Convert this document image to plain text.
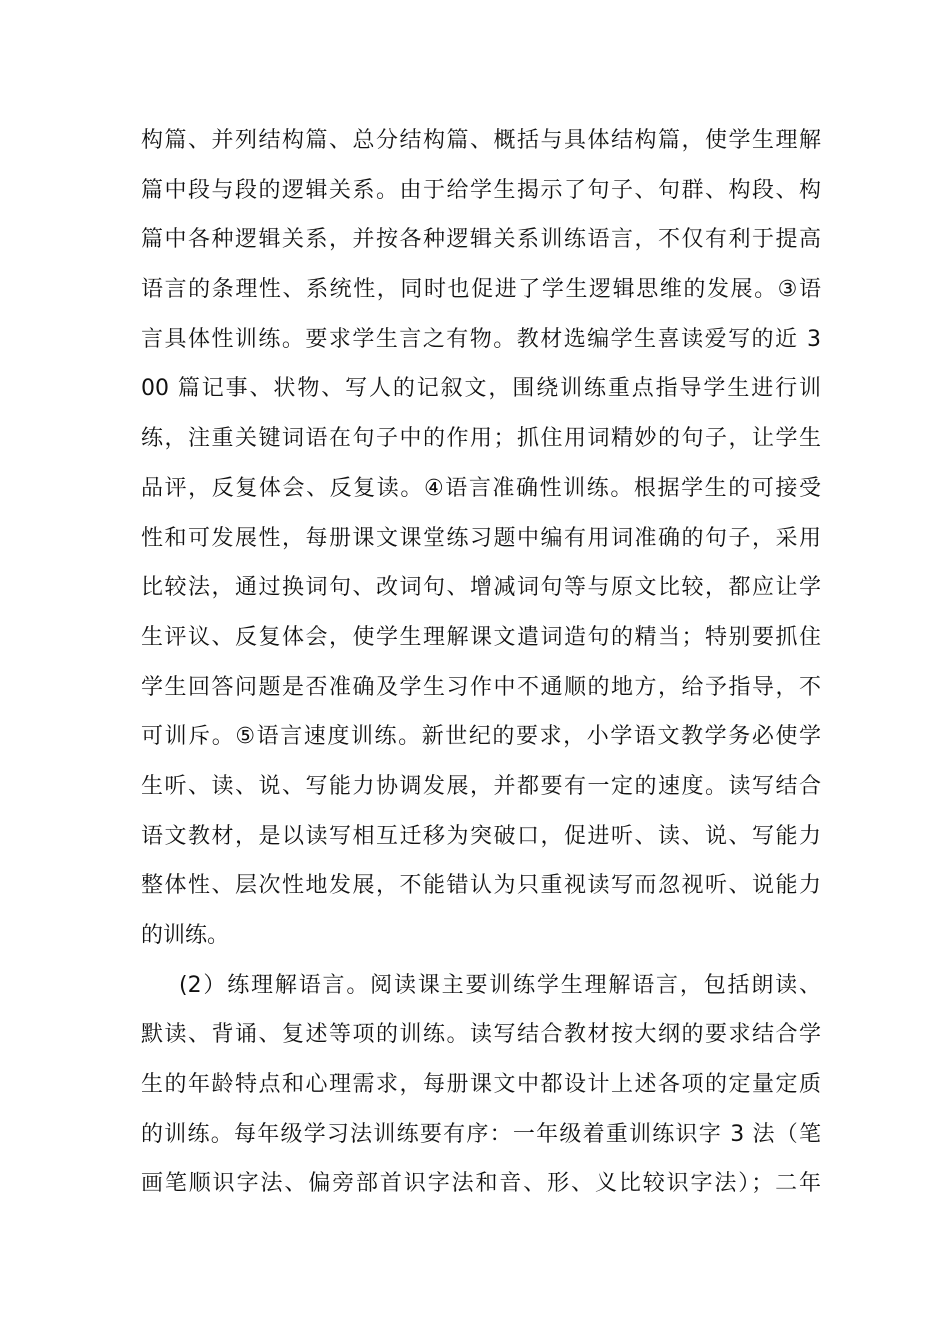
构篇、并列结构篇、总分结构篇、概括与具体结构篇，使学生理解
篇中段与段的逻辑关系。由于给学生揭示了句子、句群、构段、构
篇中各种逻辑关系，并按各种逻辑关系训练语言，不仅有利于提高
语言的条理性、系统性，同时也促进了学生逻辑思维的发展。③语
言具体性训练。要求学生言之有物。教材选编学生喜读爱写的近 3
00 篇记事、状物、写人的记叙文，围绕训练重点指导学生进行训
练，注重关键词语在句子中的作用；抓住用词精妙的句子，让学生
品评，反复体会、反复读。④语言准确性训练。根据学生的可接受
性和可发展性，每册课文课堂练习题中编有用词准确的句子，采用
比较法，通过换词句、改词句、增减词句等与原文比较，都应让学
生评议、反复体会，使学生理解课文遣词造句的精当；特别要抓住
学生回答问题是否准确及学生习作中不通顺的地方，给予指导，不
可训斥。⑤语言速度训练。新世纪的要求，小学语文教学务必使学
生听、读、说、写能力协调发展，并都要有一定的速度。读写结合
语文教材，是以读写相互迁移为突破口，促进听、读、说、写能力
整体性、层次性地发展，不能错认为只重视读写而忽视听、说能力
的训练。
(2）练理解语言。阅读课主要训练学生理解语言，包括朗读、
默读、背诵、复述等项的训练。读写结合教材按大纲的要求结合学
生的年龄特点和心理需求，每册课文中都设计上述各项的定量定质
的训练。每年级学习法训练要有序：一年级着重训练识字 3 法（笔
画笔顺识字法、偏旁部首识字法和音、形、义比较识字法）；二年
